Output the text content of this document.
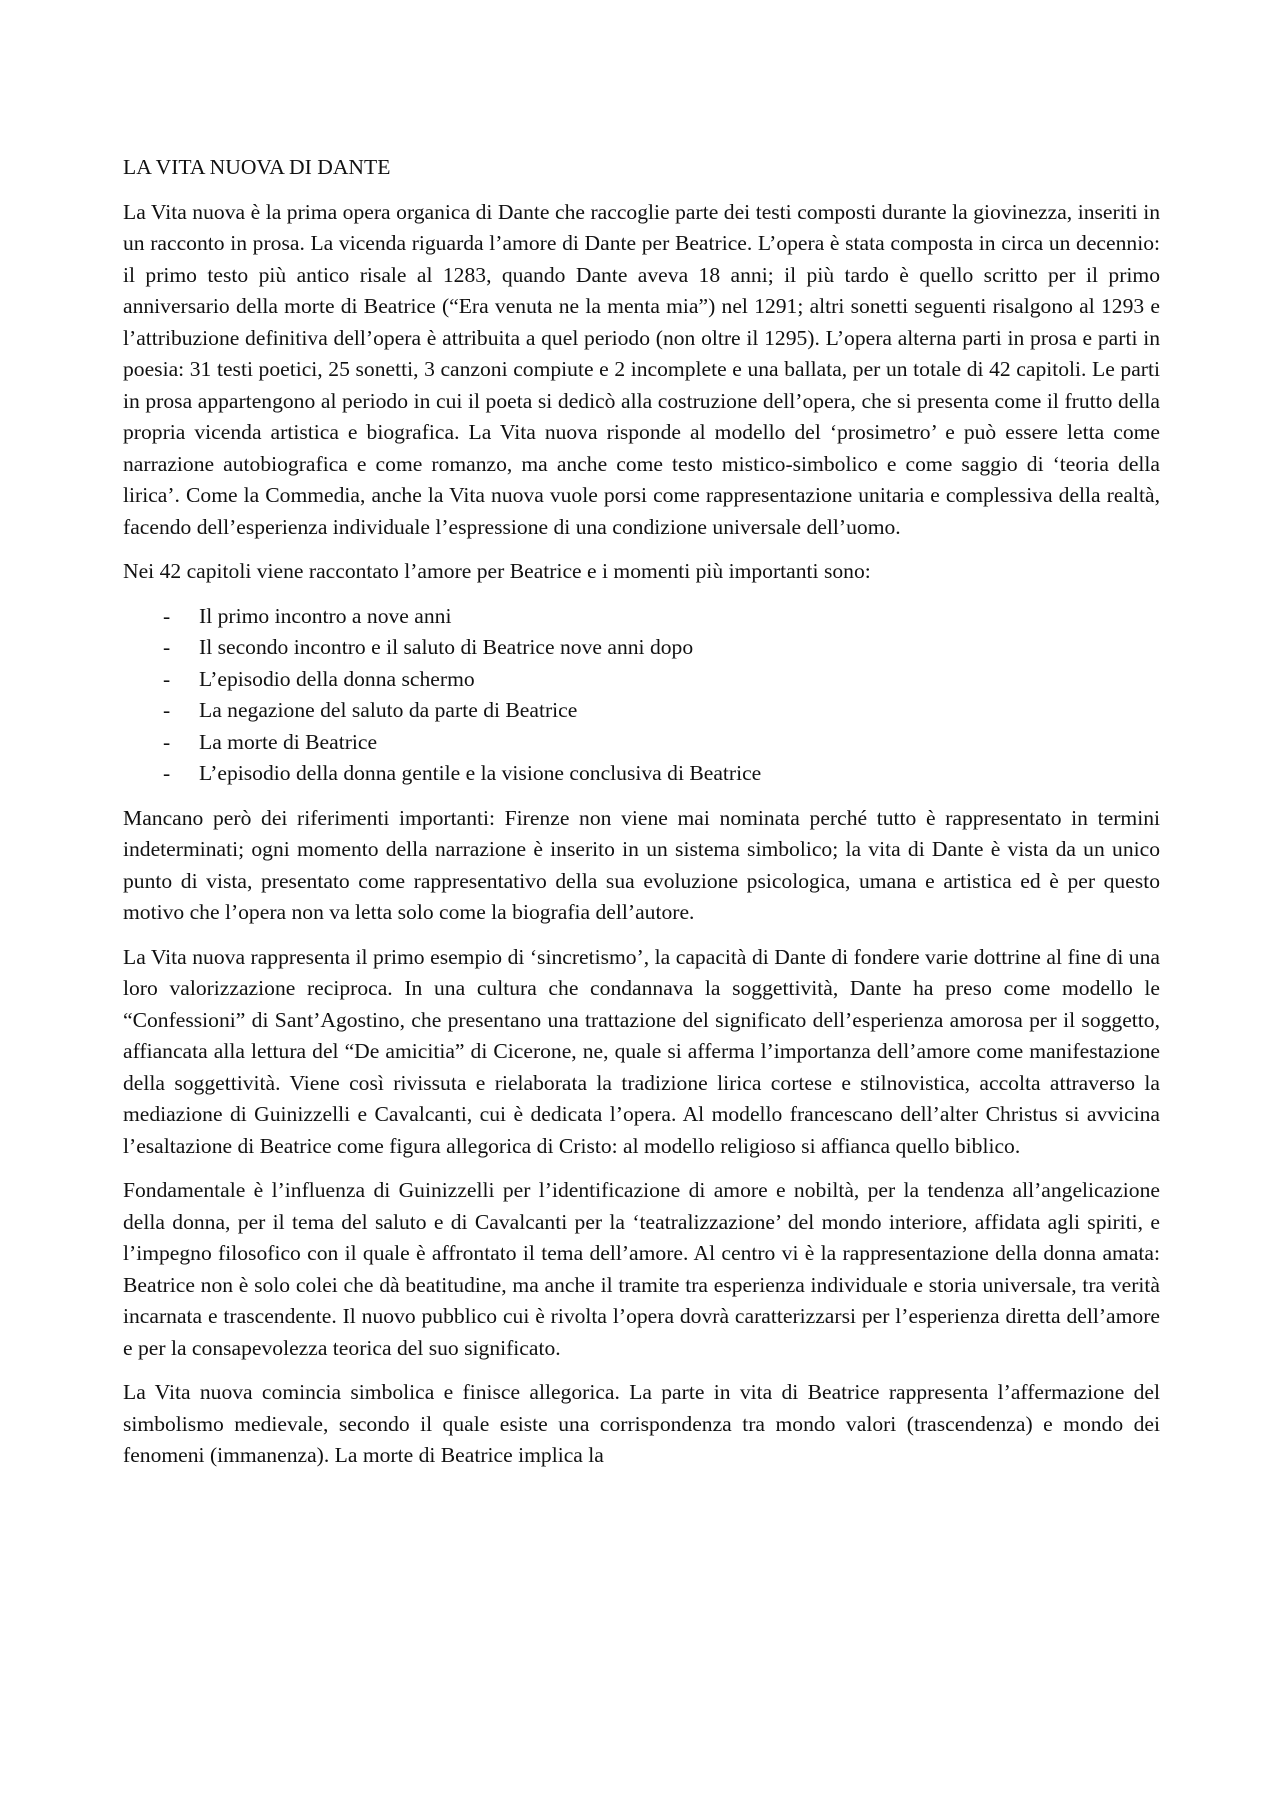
LA VITA NUOVA DI DANTE

La Vita nuova è la prima opera organica di Dante che raccoglie parte dei testi composti durante la giovinezza, inseriti in un racconto in prosa. La vicenda riguarda l’amore di Dante per Beatrice. L’opera è stata composta in circa un decennio: il primo testo più antico risale al 1283, quando Dante aveva 18 anni; il più tardo è quello scritto per il primo anniversario della morte di Beatrice (“Era venuta ne la menta mia”) nel 1291; altri sonetti seguenti risalgono al 1293 e l’attribuzione definitiva dell’opera è attribuita a quel periodo (non oltre il 1295). L’opera alterna parti in prosa e parti in poesia: 31 testi poetici, 25 sonetti, 3 canzoni compiute e 2 incomplete e una ballata, per un totale di 42 capitoli. Le parti in prosa appartengono al periodo in cui il poeta si dedicò alla costruzione dell’opera, che si presenta come il frutto della propria vicenda artistica e biografica. La Vita nuova risponde al modello del ‘prosimetro’ e può essere letta come narrazione autobiografica e come romanzo, ma anche come testo mistico-simbolico e come saggio di ‘teoria della lirica’. Come la Commedia, anche la Vita nuova vuole porsi come rappresentazione unitaria e complessiva della realtà, facendo dell’esperienza individuale l’espressione di una condizione universale dell’uomo.

Nei 42 capitoli viene raccontato l’amore per Beatrice e i momenti più importanti sono:

- Il primo incontro a nove anni
- Il secondo incontro e il saluto di Beatrice nove anni dopo
- L’episodio della donna schermo
- La negazione del saluto da parte di Beatrice
- La morte di Beatrice
- L’episodio della donna gentile e la visione conclusiva di Beatrice

Mancano però dei riferimenti importanti: Firenze non viene mai nominata perché tutto è rappresentato in termini indeterminati; ogni momento della narrazione è inserito in un sistema simbolico; la vita di Dante è vista da un unico punto di vista, presentato come rappresentativo della sua evoluzione psicologica, umana e artistica ed è per questo motivo che l’opera non va letta solo come la biografia dell’autore.

La Vita nuova rappresenta il primo esempio di ‘sincretismo’, la capacità di Dante di fondere varie dottrine al fine di una loro valorizzazione reciproca. In una cultura che condannava la soggettività, Dante ha preso come modello le “Confessioni” di Sant’Agostino, che presentano una trattazione del significato dell’esperienza amorosa per il soggetto, affiancata alla lettura del “De amicitia” di Cicerone, ne, quale si afferma l’importanza dell’amore come manifestazione della soggettività. Viene così rivissuta e rielaborata la tradizione lirica cortese e stilnovistica, accolta attraverso la mediazione di Guinizzelli e Cavalcanti, cui è dedicata l’opera. Al modello francescano dell’alter Christus si avvicina l’esaltazione di Beatrice come figura allegorica di Cristo: al modello religioso si affianca quello biblico.

Fondamentale è l’influenza di Guinizzelli per l’identificazione di amore e nobiltà, per la tendenza all’angelicazione della donna, per il tema del saluto e di Cavalcanti per la ‘teatralizzazione’ del mondo interiore, affidata agli spiriti, e l’impegno filosofico con il quale è affrontato il tema dell’amore. Al centro vi è la rappresentazione della donna amata: Beatrice non è solo colei che dà beatitudine, ma anche il tramite tra esperienza individuale e storia universale, tra verità incarnata e trascendente. Il nuovo pubblico cui è rivolta l’opera dovrà caratterizzarsi per l’esperienza diretta dell’amore e per la consapevolezza teorica del suo significato.

La Vita nuova comincia simbolica e finisce allegorica. La parte in vita di Beatrice rappresenta l’affermazione del simbolismo medievale, secondo il quale esiste una corrispondenza tra mondo valori (trascendenza) e mondo dei fenomeni (immanenza). La morte di Beatrice implica la
